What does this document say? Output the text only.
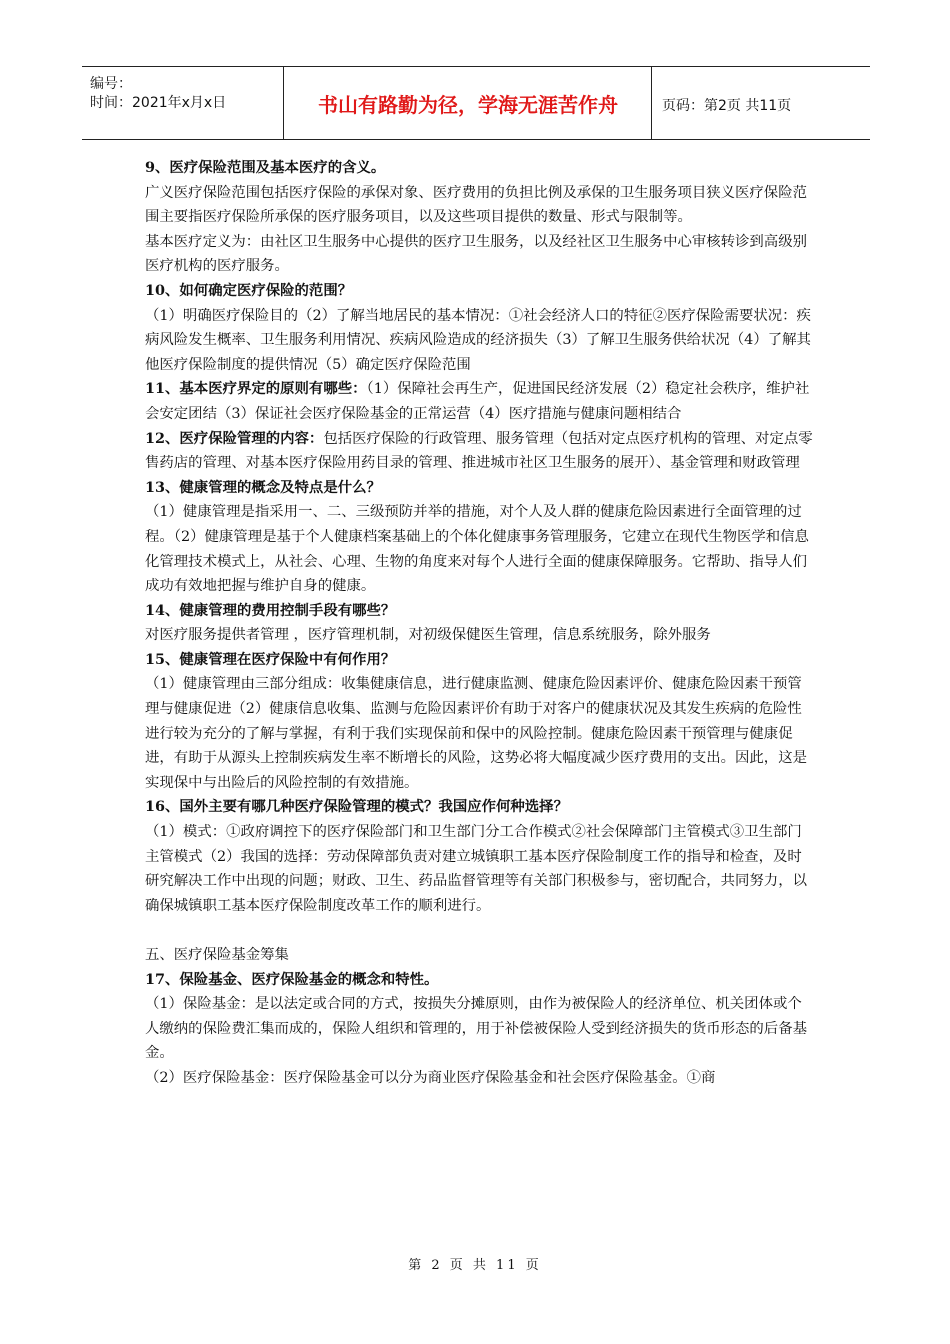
编号：
时间：2021年x月x日	书山有路勤为径，学海无涯苦作舟	页码：第2页 共11页

9、医疗保险范围及基本医疗的含义。

广义医疗保险范围包括医疗保险的承保对象、医疗费用的负担比例及承保的卫生服务项目狭义医疗保险范围主要指医疗保险所承保的医疗服务项目，以及这些项目提供的数量、形式与限制等。

基本医疗定义为：由社区卫生服务中心提供的医疗卫生服务，以及经社区卫生服务中心审核转诊到高级别医疗机构的医疗服务。

10、如何确定医疗保险的范围？

（1）明确医疗保险目的（2）了解当地居民的基本情况：①社会经济人口的特征②医疗保险需要状况：疾病风险发生概率、卫生服务利用情况、疾病风险造成的经济损失（3）了解卫生服务供给状况（4）了解其他医疗保险制度的提供情况（5）确定医疗保险范围

11、基本医疗界定的原则有哪些：（1）保障社会再生产，促进国民经济发展（2）稳定社会秩序，维护社会安定团结（3）保证社会医疗保险基金的正常运营（4）医疗措施与健康问题相结合

12、医疗保险管理的内容：包括医疗保险的行政管理、服务管理（包括对定点医疗机构的管理、对定点零售药店的管理、对基本医疗保险用药目录的管理、推进城市社区卫生服务的展开）、基金管理和财政管理

13、健康管理的概念及特点是什么？

（1）健康管理是指采用一、二、三级预防并举的措施，对个人及人群的健康危险因素进行全面管理的过程。（2）健康管理是基于个人健康档案基础上的个体化健康事务管理服务，它建立在现代生物医学和信息化管理技术模式上，从社会、心理、生物的角度来对每个人进行全面的健康保障服务。它帮助、指导人们成功有效地把握与维护自身的健康。

14、健康管理的费用控制手段有哪些？

对医疗服务提供者管理 ，医疗管理机制，对初级保健医生管理，信息系统服务，除外服务

15、健康管理在医疗保险中有何作用？

（1）健康管理由三部分组成：收集健康信息，进行健康监测、健康危险因素评价、健康危险因素干预管理与健康促进（2）健康信息收集、监测与危险因素评价有助于对客户的健康状况及其发生疾病的危险性进行较为充分的了解与掌握，有利于我们实现保前和保中的风险控制。健康危险因素干预管理与健康促进，有助于从源头上控制疾病发生率不断增长的风险，这势必将大幅度减少医疗费用的支出。因此，这是实现保中与出险后的风险控制的有效措施。

16、国外主要有哪几种医疗保险管理的模式？我国应作何种选择？

（1）模式：①政府调控下的医疗保险部门和卫生部门分工合作模式②社会保障部门主管模式③卫生部门主管模式（2）我国的选择：劳动保障部负责对建立城镇职工基本医疗保险制度工作的指导和检查，及时研究解决工作中出现的问题；财政、卫生、药品监督管理等有关部门积极参与，密切配合，共同努力，以确保城镇职工基本医疗保险制度改革工作的顺利进行。

五、医疗保险基金筹集

17、保险基金、医疗保险基金的概念和特性。

（1）保险基金：是以法定或合同的方式，按损失分摊原则，由作为被保险人的经济单位、机关团体或个人缴纳的保险费汇集而成的，保险人组织和管理的，用于补偿被保险人受到经济损失的货币形态的后备基金。

（2）医疗保险基金：医疗保险基金可以分为商业医疗保险基金和社会医疗保险基金。①商

第 2 页 共 11 页
